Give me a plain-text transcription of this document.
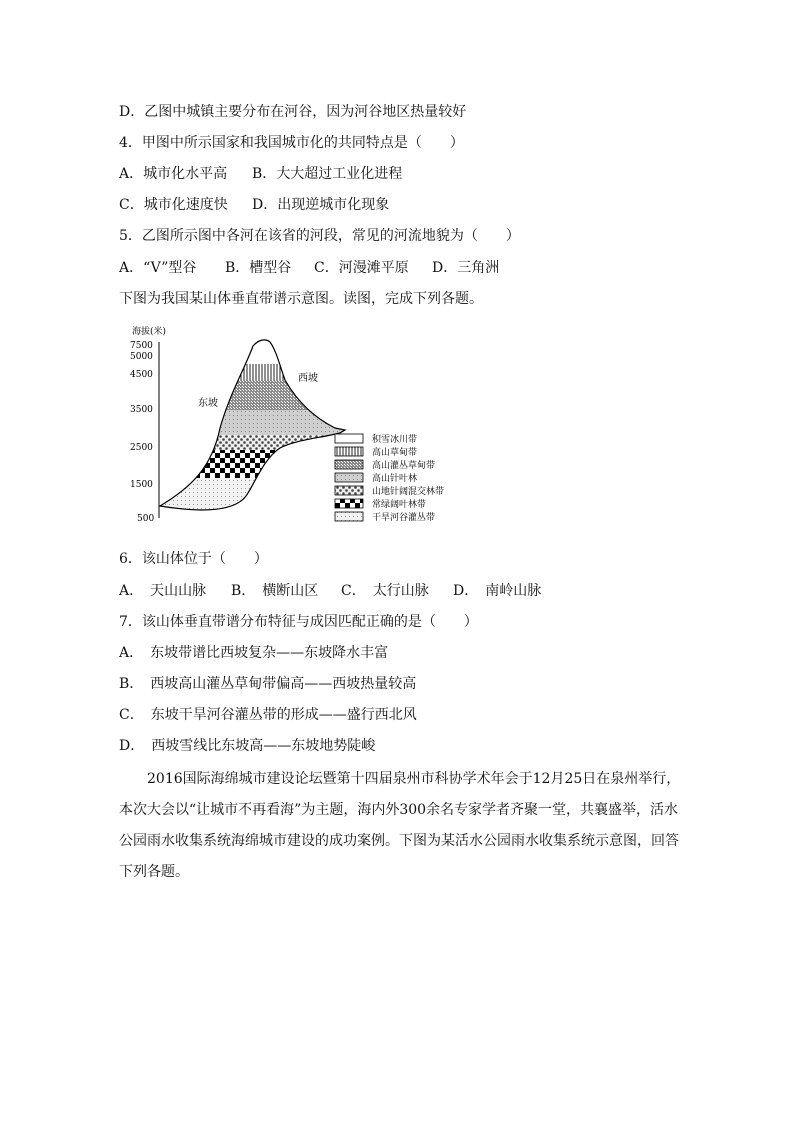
D．乙图中城镇主要分布在河谷，因为河谷地区热量较好
4．甲图中所示国家和我国城市化的共同特点是（　　）
A．城市化水平高 B．大大超过工业化进程
C．城市化速度快 D．出现逆城市化现象
5．乙图所示图中各河在该省的河段，常见的河流地貌为（　　）
A．“V”型谷 B．槽型谷 C．河漫滩平原 D．三角洲
下图为我国某山体垂直带谱示意图。读图，完成下列各题。
海拔(米)
7500
5000
4500
3500
2500
1500
500
东坡
西坡
积雪冰川带
高山草甸带
高山灌丛草甸带
高山针叶林
山地针阔混交林带
常绿阔叶林带
干旱河谷灌丛带
6．该山体位于（　　）
A．　天山山脉 B．　横断山区 C．　太行山脉 D．　南岭山脉
7．该山体垂直带谱分布特征与成因匹配正确的是（　　）
A．　东坡带谱比西坡复杂——东坡降水丰富
B．　西坡高山灌丛草甸带偏高——西坡热量较高
C．　东坡干旱河谷灌丛带的形成——盛行西北风
D．　西坡雪线比东坡高——东坡地势陡峻
2016国际海绵城市建设论坛暨第十四届泉州市科协学术年会于12月25日在泉州举行，本次大会以“让城市不再看海”为主题，海内外300余名专家学者齐聚一堂，共襄盛举，活水公园雨水收集系统海绵城市建设的成功案例。下图为某活水公园雨水收集系统示意图，回答下列各题。
